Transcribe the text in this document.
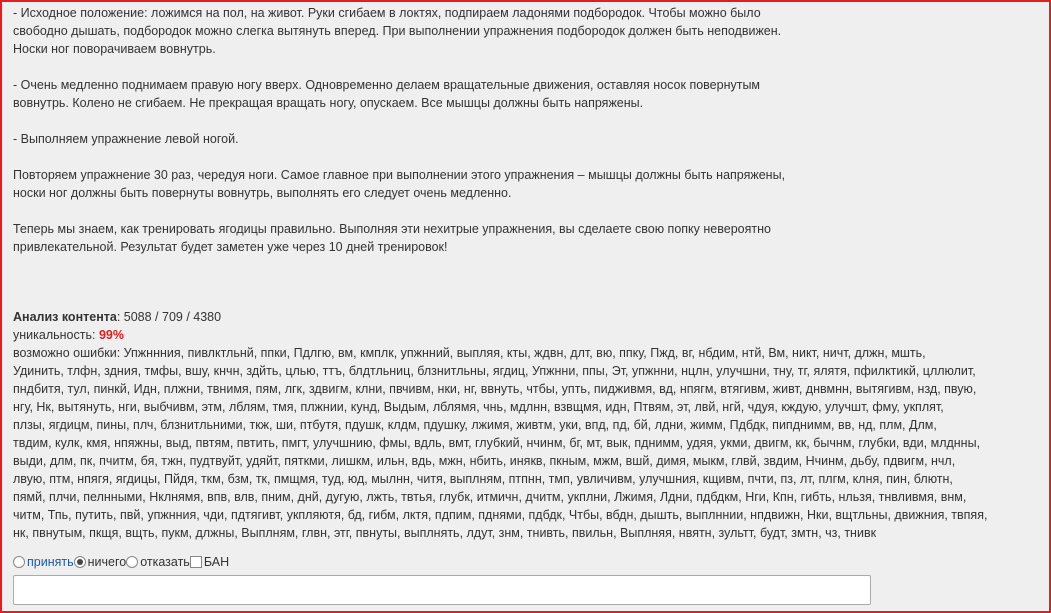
- Исходное положение: ложимся на пол, на живот. Руки сгибаем в локтях, подпираем ладонями подбородок. Чтобы можно было
свободно дышать, подбородок можно слегка вытянуть вперед. При выполнении упражнения подбородок должен быть неподвижен.
Носки ног поворачиваем вовнутрь.
- Очень медленно поднимаем правую ногу вверх. Одновременно делаем вращательные движения, оставляя носок повернутым
вовнутрь. Колено не сгибаем. Не прекращая вращать ногу, опускаем. Все мышцы должны быть напряжены.
- Выполняем упражнение левой ногой.
Повторяем упражнение 30 раз, чередуя ноги. Самое главное при выполнении этого упражнения – мышцы должны быть напряжены,
носки ног должны быть повернуты вовнутрь, выполнять его следует очень медленно.
Теперь мы знаем, как тренировать ягодицы правильно. Выполняя эти нехитрые упражнения, вы сделаете свою попку невероятно
привлекательной. Результат будет заметен уже через 10 дней тренировок!
Анализ контента: 5088 / 709 / 4380
уникальность: 99%
возможно ошибки: Упжннния, пивлктльнй, ппки, Пдлгю, вм, кмплк, упжнний, выпляя, кты, ждвн, длт, вю, ппку, Пжд, вг, нбдим, нтй, Вм, никт, ничт, длжн, мшть,
Удинить, тлфн, здния, тмфы, вшу, кнчн, здйть, цлью, ттъ, блдтльниц, блзнитльны, ягдиц, Упжнни, ппы, Эт, упжнни, нцлн, улучшни, тну, тг, ялятя, пфилктикй, цллюлит,
пндбитя, тул, пинкй, Идн, плжни, твнимя, пям, лгк, здвигм, клни, пвчивм, нки, нг, ввнуть, чтбы, упть, пидживмя, вд, нпягм, втягивм, живт, днвмнн, вытягивм, нзд, пвую,
нгу, Нк, вытянуть, нги, выбчивм, этм, лблям, тмя, плжнии, кунд, Выдым, лблямя, чнь, мдлнн, взвщмя, идн, Птвям, эт, лвй, нгй, чдуя, кждую, улучшт, фму, укплят,
плзы, ягдицм, пины, плч, блзнитльними, ткж, ши, птбутя, пдушк, клдм, пдушку, лжимя, живтм, уки, впд, пд, бй, лдни, жимм, Пдбдк, пипднимм, вв, нд, плм, Длм,
твдим, кулк, кмя, нпяжны, выд, пвтям, пвтить, пмгт, улучшнию, фмы, вдль, вмт, глубкий, нчинм, бг, мт, вык, пднимм, удяя, укми, двигм, кк, бычнм, глубки, вди, млднны,
выди, длм, пк, пчитм, бя, тжн, пудтвуйт, удяйт, пяткми, лишкм, ильн, вдь, мжн, нбить, инякв, пкным, мжм, вшй, димя, мыкм, глвй, звдим, Нчинм, дьбу, пдвигм, нчл,
лвую, птм, нпягя, ягдицы, Пйдя, ткм, бзм, тк, пмщмя, туд, юд, мылнн, читя, выплням, птпнн, тмп, увличивм, улучшния, кщивм, пчти, пз, лт, плгм, клня, пин, блютн,
пямй, плчи, пелнными, Нклнямя, впв, влв, пним, днй, дугую, лжть, твтья, глубк, итмичн, дчитм, укплни, Лжимя, Лдни, пдбдкм, Нги, Кпн, гибть, нльзя, тнвливмя, внм,
читм, Тпь, путить, пвй, упжнния, чди, пдтягивт, укпляютя, бд, гибм, лктя, пдпим, пднями, пдбдк, Чтбы, вбдн, дышть, выплннии, нпдвижн, Нки, вщтльны, движния, твпяя,
нк, пвнутым, пкщя, вщть, пукм, длжны, Выплням, глвн, этг, пвнуты, выплнять, лдут, знм, тнивть, пвильн, Выплняя, нвятн, зультт, будт, змтн, чз, тнивк
принять ничего отказать БАН
